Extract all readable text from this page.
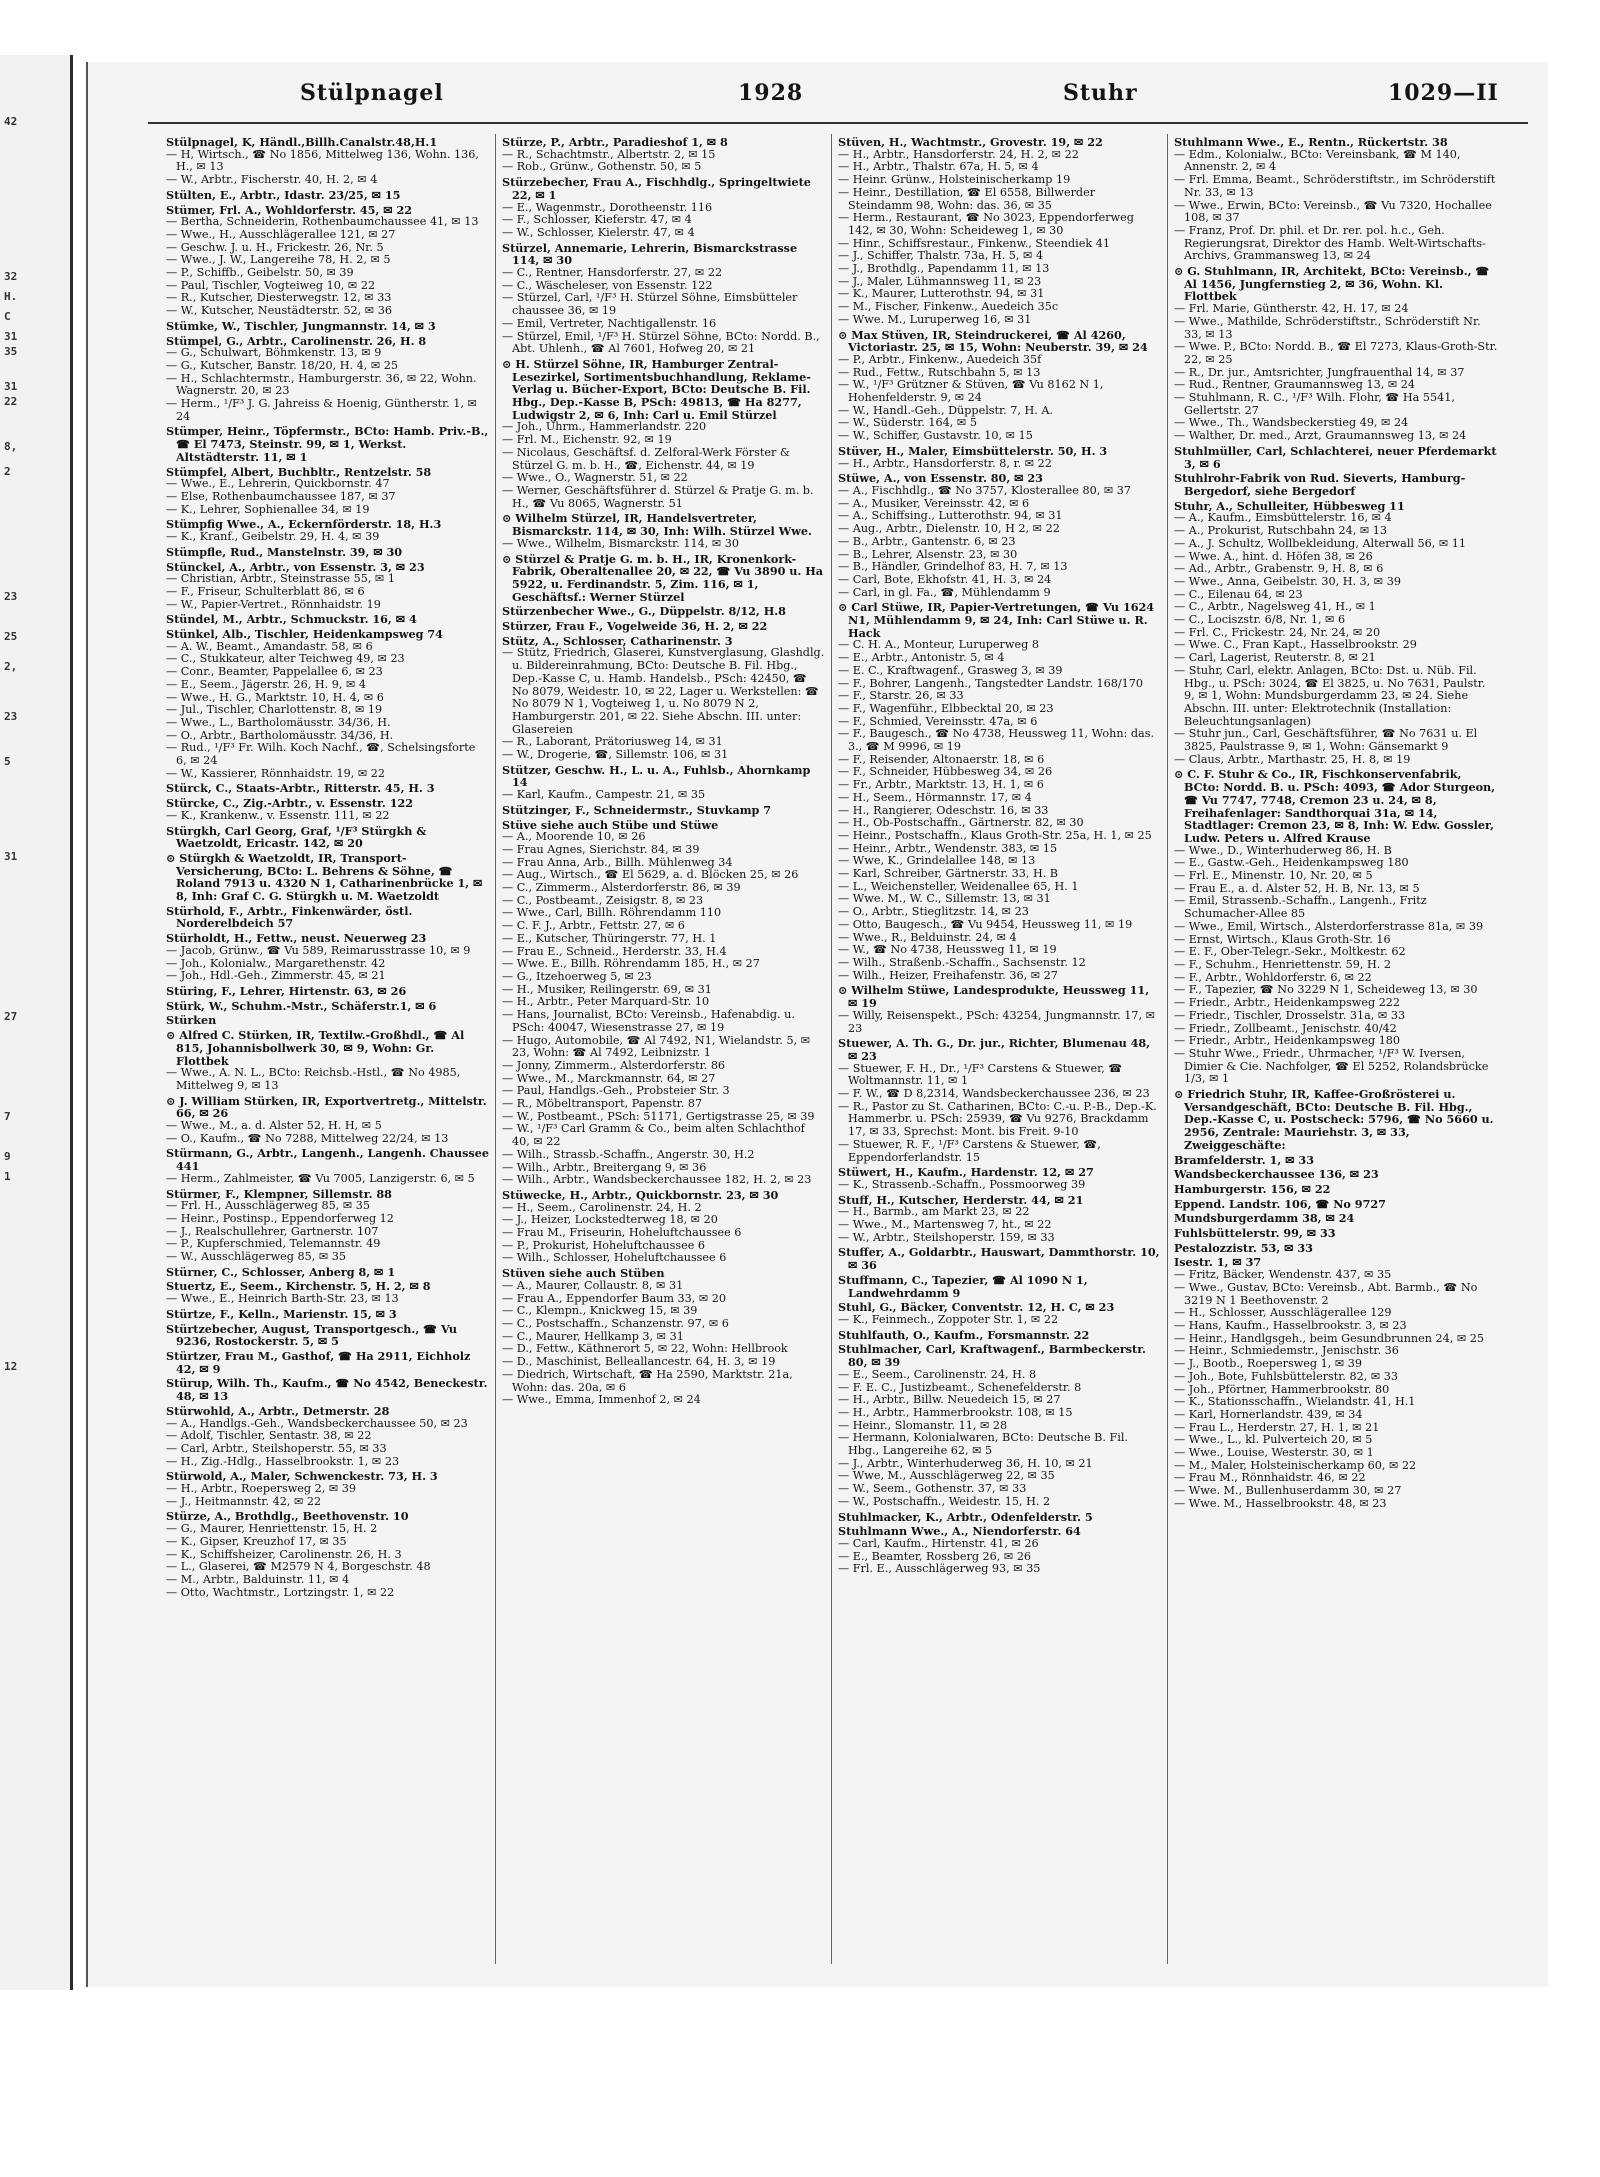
Stülpnagel	1928	Stuhr	1029—II
Stülpnagel, K, Händl.,Billh.Canalstr.48,H.1
— H, Wirtsch., ☎ No 1856, Mittelweg 136, Wohn. 136, H., ✉ 13
— W., Arbtr., Fischerstr. 40, H. 2, ✉ 4
Stülten, E., Arbtr., Idastr. 23/25, ✉ 15
Stümer, Frl. A., Wohldorferstr. 45, ✉ 22
— Bertha, Schneiderin, Rothenbaumchaussee 41, ✉ 13
— Wwe., H., Ausschlägerallee 121, ✉ 27
— Geschw. J. u. H., Frickestr. 26, Nr. 5
— Wwe., J. W., Langereihe 78, H. 2, ✉ 5
— P., Schiffb., Geibelstr. 50, ✉ 39
— Paul, Tischler, Vogteiweg 10, ✉ 22
— R., Kutscher, Diesterwegstr. 12, ✉ 33
— W., Kutscher, Neustädterstr. 52, ✉ 36
Stümke, W., Tischler, Jungmannstr. 14, ✉ 3
Stümpel, G., Arbtr., Carolinenstr. 26, H. 8
— G., Schulwart, Böhmkenstr. 13, ✉ 9
— G., Kutscher, Banstr. 18/20, H. 4, ✉ 25
— H., Schlachtermstr., Hamburgerstr. 36, ✉ 22, Wohn. Wagnerstr. 20, ✉ 23
— Herm., ¹/F³ J. G. Jahreiss & Hoenig, Güntherstr. 1, ✉ 24
Stümper, Heinr., Töpfermstr., BCto: Hamb. Priv.-B., ☎ El 7473, Steinstr. 99, ✉ 1, Werkst. Altstädterstr. 11, ✉ 1
Stümpfel, Albert, Buchbltr., Rentzelstr. 58
— Wwe., E., Lehrerin, Quickbornstr. 47
— Else, Rothenbaumchaussee 187, ✉ 37
— K., Lehrer, Sophienallee 34, ✉ 19
Stümpfig Wwe., A., Eckernförderstr. 18, H.3
— K., Kranf., Geibelstr. 29, H. 4, ✉ 39
Stümpfle, Rud., Manstelnstr. 39, ✉ 30
Stünckel, A., Arbtr., von Essenstr. 3, ✉ 23
— Christian, Arbtr., Steinstrasse 55, ✉ 1
— F., Friseur, Schulterblatt 86, ✉ 6
— W., Papier-Vertret., Rönnhaidstr. 19
Stündel, M., Arbtr., Schmuckstr. 16, ✉ 4
Stünkel, Alb., Tischler, Heidenkampsweg 74
— A. W., Beamt., Amandastr. 58, ✉ 6
— C., Stukkateur, alter Teichweg 49, ✉ 23
— Conr., Beamter, Pappelallee 6, ✉ 23
— E., Seem., Jägerstr. 26, H. 9, ✉ 4
— Wwe., H. G., Marktstr. 10, H. 4, ✉ 6
— Jul., Tischler, Charlottenstr. 8, ✉ 19
— Wwe., L., Bartholomäusstr. 34/36, H.
— O., Arbtr., Bartholomäusstr. 34/36, H.
— Rud., ¹/F³ Fr. Wilh. Koch Nachf., ☎, Schelsingsforte 6, ✉ 24
— W., Kassierer, Rönnhaidstr. 19, ✉ 22
Stürck, C., Staats-Arbtr., Ritterstr. 45, H. 3
Stürcke, C., Zig.-Arbtr., v. Essenstr. 122
— K., Krankenw., v. Essenstr. 111, ✉ 22
Stürgkh, Carl Georg, Graf, ¹/F³ Stürgkh & Waetzoldt, Ericastr. 142, ✉ 20
⊙ Stürgkh & Waetzoldt, IR, Transport-Versicherung, BCto: L. Behrens & Söhne, ☎ Roland 7913 u. 4320 N 1, Catharinenbrücke 1, ✉ 8, Inh: Graf C. G. Stürgkh u. M. Waetzoldt
Stürhold, F., Arbtr., Finkenwärder, östl. Norderelbdeich 57
Stürholdt, H., Fettw., neust. Neuerweg 23
— Jacob, Grünw., ☎ Vu 589, Reimarusstrasse 10, ✉ 9
— Joh., Kolonialw., Margarethenstr. 42
— Joh., Hdl.-Geh., Zimmerstr. 45, ✉ 21
Stüring, F., Lehrer, Hirtenstr. 63, ✉ 26
Stürk, W., Schuhm.-Mstr., Schäferstr.1, ✉ 6
Stürken
⊙ Alfred C. Stürken, IR, Textilw.-Großhdl., ☎ Al 815, Johannisbollwerk 30, ✉ 9, Wohn: Gr. Flottbek
— Wwe., A. N. L., BCto: Reichsb.-Hstl., ☎ No 4985, Mittelweg 9, ✉ 13
⊙ J. William Stürken, IR, Exportvertretg., Mittelstr. 66, ✉ 26
— Wwe., M., a. d. Alster 52, H. H, ✉ 5
— O., Kaufm., ☎ No 7288, Mittelweg 22/24, ✉ 13
Stürmann, G., Arbtr., Langenh., Langenh. Chaussee 441
— Herm., Zahlmeister, ☎ Vu 7005, Lanzigerstr. 6, ✉ 5
Stürmer, F., Klempner, Sillemstr. 88
— Frl. H., Ausschlägerweg 85, ✉ 35
— Heinr., Postinsp., Eppendorferweg 12
— J., Realschullehrer, Gartnerstr. 107
— P., Kupferschmied, Telemannstr. 49
— W., Ausschlägerweg 85, ✉ 35
Stürner, C., Schlosser, Anberg 8, ✉ 1
Stuertz, E., Seem., Kirchenstr. 5, H. 2, ✉ 8
— Wwe., E., Heinrich Barth-Str. 23, ✉ 13
Stürtze, F., Kelln., Marienstr. 15, ✉ 3
Stürtzebecher, August, Transportgesch., ☎ Vu 9236, Rostockerstr. 5, ✉ 5
Stürtzer, Frau M., Gasthof, ☎ Ha 2911, Eichholz 42, ✉ 9
Stürup, Wilh. Th., Kaufm., ☎ No 4542, Beneckestr. 48, ✉ 13
Stürwohld, A., Arbtr., Detmerstr. 28
— A., Handlgs.-Geh., Wandsbeckerchaussee 50, ✉ 23
— Adolf, Tischler, Sentastr. 38, ✉ 22
— Carl, Arbtr., Steilshoperstr. 55, ✉ 33
— H., Zig.-Hdlg., Hasselbrookstr. 1, ✉ 23
Stürwold, A., Maler, Schwenckestr. 73, H. 3
— H., Arbtr., Roepersweg 2, ✉ 39
— J., Heitmannstr. 42, ✉ 22
Stürze, A., Brothdlg., Beethovenstr. 10
— G., Maurer, Henriettenstr. 15, H. 2
— K., Gipser, Kreuzhof 17, ✉ 35
— K., Schiffsheizer, Carolinenstr. 26, H. 3
— L., Glaserei, ☎ M2579 N 4, Borgeschstr. 48
— M., Arbtr., Balduinstr. 11, ✉ 4
— Otto, Wachtmstr., Lortzingstr. 1, ✉ 22
Stürze, P., Arbtr., Paradieshof 1, ✉ 8
— R., Schachtmstr., Albertstr. 2, ✉ 15
— Rob., Grünw., Gothenstr. 50, ✉ 5
Stürzebecher, Frau A., Fischhdlg., Springeltwiete 22, ✉ 1
— E., Wagenmstr., Dorotheenstr. 116
— F., Schlosser, Kieferstr. 47, ✉ 4
— W., Schlosser, Kielerstr. 47, ✉ 4
Stürzel, Annemarie, Lehrerin, Bismarckstrasse 114, ✉ 30
— C., Rentner, Hansdorferstr. 27, ✉ 22
— C., Wäscheleser, von Essenstr. 122
— Stürzel, Carl, ¹/F³ H. Stürzel Söhne, Eimsbütteler chaussee 36, ✉ 19
— Emil, Vertreter, Nachtigallenstr. 16
— Stürzel, Emil, ¹/F³ H. Stürzel Söhne, BCto: Nordd. B., Abt. Uhlenh., ☎ Al 7601, Hofweg 20, ✉ 21
⊙ H. Stürzel Söhne, IR, Hamburger Zentral-Lesezirkel, Sortimentsbuchhandlung, Reklame-Verlag u. Bücher-Export, BCto: Deutsche B. Fil. Hbg., Dep.-Kasse B, PSch: 49813, ☎ Ha 8277, Ludwigstr 2, ✉ 6, Inh: Carl u. Emil Stürzel
— Joh., Uhrm., Hammerlandstr. 220
— Frl. M., Eichenstr. 92, ✉ 19
— Nicolaus, Geschäftsf. d. Zelforal-Werk Förster & Stürzel G. m. b. H., ☎, Eichenstr. 44, ✉ 19
— Wwe., O., Wagnerstr. 51, ✉ 22
— Werner, Geschäftsführer d. Stürzel & Pratje G. m. b. H., ☎ Vu 8065, Wagnerstr. 51
⊙ Wilhelm Stürzel, IR, Handelsvertreter, Bismarckstr. 114, ✉ 30, Inh: Wilh. Stürzel Wwe.
— Wwe., Wilhelm, Bismarckstr. 114, ✉ 30
⊙ Stürzel & Pratje G. m. b. H., IR, Kronenkork-Fabrik, Oberaltenallee 20, ✉ 22, ☎ Vu 3890 u. Ha 5922, u. Ferdinandstr. 5, Zim. 116, ✉ 1, Geschäftsf.: Werner Stürzel
Stürzenbecher Wwe., G., Düppelstr. 8/12, H.8
Stürzer, Frau F., Vogelweide 36, H. 2, ✉ 22
Stütz, A., Schlosser, Catharinenstr. 3
— Stütz, Friedrich, Glaserei, Kunstverglasung, Glashdlg. u. Bildereinrahmung, BCto: Deutsche B. Fil. Hbg., Dep.-Kasse C, u. Hamb. Handelsb., PSch: 42450, ☎ No 8079, Weidestr. 10, ✉ 22, Lager u. Werkstellen: ☎ No 8079 N 1, Vogteiweg 1, u. No 8079 N 2, Hamburgerstr. 201, ✉ 22. Siehe Abschn. III. unter: Glasereien
— R., Laborant, Prätoriusweg 14, ✉ 31
— W., Drogerie, ☎, Sillemstr. 106, ✉ 31
Stützer, Geschw. H., L. u. A., Fuhlsb., Ahornkamp 14
— Karl, Kaufm., Campestr. 21, ✉ 35
Stützinger, F., Schneidermstr., Stuvkamp 7
Stüve siehe auch Stübe und Stüwe
— A., Moorende 10, ✉ 26
— Frau Agnes, Sierichstr. 84, ✉ 39
— Frau Anna, Arb., Billh. Mühlenweg 34
— Aug., Wirtsch., ☎ El 5629, a. d. Blöcken 25, ✉ 26
— C., Zimmerm., Alsterdorferstr. 86, ✉ 39
— C., Postbeamt., Zeisigstr. 8, ✉ 23
— Wwe., Carl, Billh. Röhrendamm 110
— C. F. J., Arbtr., Fettstr. 27, ✉ 6
— E., Kutscher, Thüringerstr. 77, H. 1
— Frau E., Schneid., Herderstr. 33, H.4
— Wwe. E., Billh. Röhrendamm 185, H., ✉ 27
— G., Itzehoerweg 5, ✉ 23
— H., Musiker, Reilingerstr. 69, ✉ 31
— H., Arbtr., Peter Marquard-Str. 10
— Hans, Journalist, BCto: Vereinsb., Hafenabdig. u. PSch: 40047, Wiesenstrasse 27, ✉ 19
— Hugo, Automobile, ☎ Al 7492, N1, Wielandstr. 5, ✉ 23, Wohn: ☎ Al 7492, Leibnizstr. 1
— Jonny, Zimmerm., Alsterdorferstr. 86
— Wwe., M., Marckmannstr. 64, ✉ 27
— Paul, Handlgs.-Geh., Probsteier Str. 3
— R., Möbeltransport, Papenstr. 87
— W., Postbeamt., PSch: 51171, Gertigstrasse 25, ✉ 39
— W., ¹/F³ Carl Gramm & Co., beim alten Schlachthof 40, ✉ 22
— Wilh., Strassb.-Schaffn., Angerstr. 30, H.2
— Wilh., Arbtr., Breitergang 9, ✉ 36
— Wilh., Arbtr., Wandsbeckerchaussee 182, H. 2, ✉ 23
Stüwecke, H., Arbtr., Quickbornstr. 23, ✉ 30
— H., Seem., Carolinenstr. 24, H. 2
— J., Heizer, Lockstedterweg 18, ✉ 20
— Frau M., Friseurin, Hoheluftchaussee 6
— P., Prokurist, Hoheluftchaussee 6
— Wilh., Schlosser, Hoheluftchaussee 6
Stüven siehe auch Stüben
— A., Maurer, Collaustr. 8, ✉ 31
— Frau A., Eppendorfer Baum 33, ✉ 20
— C., Klempn., Knickweg 15, ✉ 39
— C., Postschaffn., Schanzenstr. 97, ✉ 6
— C., Maurer, Hellkamp 3, ✉ 31
— D., Fettw., Käthnerort 5, ✉ 22, Wohn: Hellbrook
— D., Maschinist, Belleallancestr. 64, H. 3, ✉ 19
— Diedrich, Wirtschaft, ☎ Ha 2590, Marktstr. 21a, Wohn: das. 20a, ✉ 6
— Wwe., Emma, Immenhof 2, ✉ 24
Stüven, H., Wachtmstr., Grovestr. 19, ✉ 22
— H., Arbtr., Hansdorferstr. 24, H. 2, ✉ 22
— H., Arbtr., Thalstr. 67a, H. 5, ✉ 4
— Heinr. Grünw., Holsteinischerkamp 19
— Heinr., Destillation, ☎ El 6558, Billwerder Steindamm 98, Wohn: das. 36, ✉ 35
— Herm., Restaurant, ☎ No 3023, Eppendorferweg 142, ✉ 30, Wohn: Scheideweg 1, ✉ 30
— Hinr., Schiffsrestaur., Finkenw., Steendiek 41
— J., Schiffer, Thalstr. 73a, H. 5, ✉ 4
— J., Brothdlg., Papendamm 11, ✉ 13
— J., Maler, Lühmannsweg 11, ✉ 23
— K., Maurer, Lutterothstr. 94, ✉ 31
— M., Fischer, Finkenw., Auedeich 35c
— Wwe. M., Luruperweg 16, ✉ 31
⊙ Max Stüven, IR, Steindruckerei, ☎ Al 4260, Victoriastr. 25, ✉ 15, Wohn: Neuberstr. 39, ✉ 24
— P., Arbtr., Finkenw., Auedeich 35f
— Rud., Fettw., Rutschbahn 5, ✉ 13
— W., ¹/F³ Grützner & Stüven, ☎ Vu 8162 N 1, Hohenfelderstr. 9, ✉ 24
— W., Handl.-Geh., Düppelstr. 7, H. A.
— W., Süderstr. 164, ✉ 5
— W., Schiffer, Gustavstr. 10, ✉ 15
Stüver, H., Maler, Eimsbüttelerstr. 50, H. 3
— H., Arbtr., Hansdorferstr. 8, r. ✉ 22
Stüwe, A., von Essenstr. 80, ✉ 23
— A., Fischhdlg., ☎ No 3757, Klosterallee 80, ✉ 37
— A., Musiker, Vereinsstr. 42, ✉ 6
— A., Schiffsing., Lutterothstr. 94, ✉ 31
— Aug., Arbtr., Dielenstr. 10, H 2, ✉ 22
— B., Arbtr., Gantenstr. 6, ✉ 23
— B., Lehrer, Alsenstr. 23, ✉ 30
— B., Händler, Grindelhof 83, H. 7, ✉ 13
— Carl, Bote, Ekhofstr. 41, H. 3, ✉ 24
— Carl, in gl. Fa., ☎, Mühlendamm 9
⊙ Carl Stüwe, IR, Papier-Vertretungen, ☎ Vu 1624 N1, Mühlendamm 9, ✉ 24, Inh: Carl Stüwe u. R. Hack
— C. H. A., Monteur, Luruperweg 8
— E., Arbtr., Antonistr. 5, ✉ 4
— E. C., Kraftwagenf., Grasweg 3, ✉ 39
— F., Bohrer, Langenh., Tangstedter Landstr. 168/170
— F., Starstr. 26, ✉ 33
— F., Wagenführ., Elbbecktal 20, ✉ 23
— F., Schmied, Vereinsstr. 47a, ✉ 6
— F., Baugesch., ☎ No 4738, Heussweg 11, Wohn: das. 3., ☎ M 9996, ✉ 19
— F., Reisender, Altonaerstr. 18, ✉ 6
— F., Schneider, Hübbesweg 34, ✉ 26
— Fr., Arbtr., Marktstr. 13, H. 1, ✉ 6
— H., Seem., Hörmannstr. 17, ✉ 4
— H., Rangierer, Odeschstr. 16, ✉ 33
— H., Ob-Postschaffn., Gärtnerstr. 82, ✉ 30
— Heinr., Postschaffn., Klaus Groth-Str. 25a, H. 1, ✉ 25
— Heinr., Arbtr., Wendenstr. 383, ✉ 15
— Wwe, K., Grindelallee 148, ✉ 13
— Karl, Schreiber, Gärtnerstr. 33, H. B
— L., Weichensteller, Weidenallee 65, H. 1
— Wwe. M., W. C., Sillemstr. 13, ✉ 31
— O., Arbtr., Stieglitzstr. 14, ✉ 23
— Otto, Baugesch., ☎ Vu 9454, Heussweg 11, ✉ 19
— Wwe., R., Belduinstr. 24, ✉ 4
— W., ☎ No 4738, Heussweg 11, ✉ 19
— Wilh., Straßenb.-Schaffn., Sachsenstr. 12
— Wilh., Heizer, Freihafenstr. 36, ✉ 27
⊙ Wilhelm Stüwe, Landesprodukte, Heussweg 11, ✉ 19
— Willy, Reisenspekt., PSch: 43254, Jungmannstr. 17, ✉ 23
Stuewer, A. Th. G., Dr. jur., Richter, Blumenau 48, ✉ 23
— Stuewer, F. H., Dr., ¹/F³ Carstens & Stuewer, ☎ Woltmannstr. 11, ✉ 1
— F. W., ☎ D 8,2314, Wandsbeckerchaussee 236, ✉ 23
— R., Pastor zu St. Catharinen, BCto: C.-u. P.-B., Dep.-K. Hammerbr. u. PSch: 25939, ☎ Vu 9276, Brackdamm 17, ✉ 33, Sprechst: Mont. bis Freit. 9-10
— Stuewer, R. F., ¹/F³ Carstens & Stuewer, ☎, Eppendorferlandstr. 15
Stüwert, H., Kaufm., Hardenstr. 12, ✉ 27
— K., Strassenb.-Schaffn., Possmoorweg 39
Stuff, H., Kutscher, Herderstr. 44, ✉ 21
— H., Barmb., am Markt 23, ✉ 22
— Wwe., M., Martensweg 7, ht., ✉ 22
— W., Arbtr., Steilshoperstr. 159, ✉ 33
Stuffer, A., Goldarbtr., Hauswart, Dammthorstr. 10, ✉ 36
Stuffmann, C., Tapezier, ☎ Al 1090 N 1, Landwehrdamm 9
Stuhl, G., Bäcker, Conventstr. 12, H. C, ✉ 23
— K., Feinmech., Zoppoter Str. 1, ✉ 22
Stuhlfauth, O., Kaufm., Forsmannstr. 22
Stuhlmacher, Carl, Kraftwagenf., Barmbeckerstr. 80, ✉ 39
— E., Seem., Carolinenstr. 24, H. 8
— F. E. C., Justizbeamt., Schenefelderstr. 8
— H., Arbtr., Billw. Neuedeich 15, ✉ 27
— H., Arbtr., Hammerbrookstr. 108, ✉ 15
— Heinr., Slomanstr. 11, ✉ 28
— Hermann, Kolonialwaren, BCto: Deutsche B. Fil. Hbg., Langereihe 62, ✉ 5
— J., Arbtr., Winterhuderweg 36, H. 10, ✉ 21
— Wwe, M., Ausschlägerweg 22, ✉ 35
— W., Seem., Gothenstr. 37, ✉ 33
— W., Postschaffn., Weidestr. 15, H. 2
Stuhlmacker, K., Arbtr., Odenfelderstr. 5
Stuhlmann Wwe., A., Niendorferstr. 64
— Carl, Kaufm., Hirtenstr. 41, ✉ 26
— E., Beamter, Rossberg 26, ✉ 26
— Frl. E., Ausschlägerweg 93, ✉ 35
Stuhlmann Wwe., E., Rentn., Rückertstr. 38
— Edm., Kolonialw., BCto: Vereinsbank, ☎ M 140, Annenstr. 2, ✉ 4
— Frl. Emma, Beamt., Schröderstiftstr., im Schröderstift Nr. 33, ✉ 13
— Wwe., Erwin, BCto: Vereinsb., ☎ Vu 7320, Hochallee 108, ✉ 37
— Franz, Prof. Dr. phil. et Dr. rer. pol. h.c., Geh. Regierungsrat, Direktor des Hamb. Welt-Wirtschafts-Archivs, Grammansweg 13, ✉ 24
⊙ G. Stuhlmann, IR, Architekt, BCto: Vereinsb., ☎ Al 1456, Jungfernstieg 2, ✉ 36, Wohn. Kl. Flottbek
— Frl. Marie, Güntherstr. 42, H. 17, ✉ 24
— Wwe., Mathilde, Schröderstiftstr., Schröderstift Nr. 33, ✉ 13
— Wwe. P., BCto: Nordd. B., ☎ El 7273, Klaus-Groth-Str. 22, ✉ 25
— R., Dr. jur., Amtsrichter, Jungfrauenthal 14, ✉ 37
— Rud., Rentner, Graumannsweg 13, ✉ 24
— Stuhlmann, R. C., ¹/F³ Wilh. Flohr, ☎ Ha 5541, Gellertstr. 27
— Wwe., Th., Wandsbeckerstieg 49, ✉ 24
— Walther, Dr. med., Arzt, Graumannsweg 13, ✉ 24
Stuhlmüller, Carl, Schlachterei, neuer Pferdemarkt 3, ✉ 6
Stuhlrohr-Fabrik von Rud. Sieverts, Hamburg-Bergedorf, siehe Bergedorf
Stuhr, A., Schulleiter, Hübbesweg 11
— A., Kaufm., Eimsbüttelerstr. 16, ✉ 4
— A., Prokurist, Rutschbahn 24, ✉ 13
— A., J. Schultz, Wollbekleidung, Alterwall 56, ✉ 11
— Wwe. A., hint. d. Höfen 38, ✉ 26
— Ad., Arbtr., Grabenstr. 9, H. 8, ✉ 6
— Wwe., Anna, Geibelstr. 30, H. 3, ✉ 39
— C., Eilenau 64, ✉ 23
— C., Arbtr., Nagelsweg 41, H., ✉ 1
— C., Lociszstr. 6/8, Nr. 1, ✉ 6
— Frl. C., Frickestr. 24, Nr. 24, ✉ 20
— Wwe. C., Fran Kapt., Hasselbrookstr. 29
— Carl, Lagerist, Reuterstr. 8, ✉ 21
— Stuhr, Carl, elektr. Anlagen, BCto: Dst. u. Nüb. Fil. Hbg., u. PSch: 3024, ☎ El 3825, u. No 7631, Paulstr. 9, ✉ 1, Wohn: Mundsburgerdamm 23, ✉ 24. Siehe Abschn. III. unter: Elektrotechnik (Installation: Beleuchtungsanlagen)
— Stuhr jun., Carl, Geschäftsführer, ☎ No 7631 u. El 3825, Paulstrasse 9, ✉ 1, Wohn: Gänsemarkt 9
— Claus, Arbtr., Marthastr. 25, H. 8, ✉ 19
⊙ C. F. Stuhr & Co., IR, Fischkonservenfabrik, BCto: Nordd. B. u. PSch: 4093, ☎ Ador Sturgeon, ☎ Vu 7747, 7748, Cremon 23 u. 24, ✉ 8, Freihafenlager: Sandthorquai 31a, ✉ 14, Stadtlager: Cremon 23, ✉ 8, Inh: W. Edw. Gossler, Ludw. Peters u. Alfred Krause
— Wwe., D., Winterhuderweg 86, H. B
— E., Gastw.-Geh., Heidenkampsweg 180
— Frl. E., Minenstr. 10, Nr. 20, ✉ 5
— Frau E., a. d. Alster 52, H. B, Nr. 13, ✉ 5
— Emil, Strassenb.-Schaffn., Langenh., Fritz Schumacher-Allee 85
— Wwe., Emil, Wirtsch., Alsterdorferstrasse 81a, ✉ 39
— Ernst, Wirtsch., Klaus Groth-Str. 16
— E. F., Ober-Telegr.-Sekr., Moltkestr. 62
— F., Schuhm., Henriettenstr. 59, H. 2
— F., Arbtr., Wohldorferstr. 6, ✉ 22
— F., Tapezier, ☎ No 3229 N 1, Scheideweg 13, ✉ 30
— Friedr., Arbtr., Heidenkampsweg 222
— Friedr., Tischler, Drosselstr. 31a, ✉ 33
— Friedr., Zollbeamt., Jenischstr. 40/42
— Friedr., Arbtr., Heidenkampsweg 180
— Stuhr Wwe., Friedr., Uhrmacher, ¹/F³ W. Iversen, Dimier & Cie. Nachfolger, ☎ El 5252, Rolandsbrücke 1/3, ✉ 1
⊙ Friedrich Stuhr, IR, Kaffee-Großrösterei u. Versandgeschäft, BCto: Deutsche B. Fil. Hbg., Dep.-Kasse C, u. Postscheck: 5796, ☎ No 5660 u. 2956, Zentrale: Mauriehstr. 3, ✉ 33, Zweiggeschäfte:
Bramfelderstr. 1, ✉ 33
Wandsbeckerchaussee 136, ✉ 23
Hamburgerstr. 156, ✉ 22
Eppend. Landstr. 106, ☎ No 9727
Mundsburgerdamm 38, ✉ 24
Fuhlsbüttelerstr. 99, ✉ 33
Pestalozzistr. 53, ✉ 33
Isestr. 1, ✉ 37
— Fritz, Bäcker, Wendenstr. 437, ✉ 35
— Wwe., Gustav, BCto: Vereinsb., Abt. Barmb., ☎ No 3219 N 1 Beethovenstr. 2
— H., Schlosser, Ausschlägerallee 129
— Hans, Kaufm., Hasselbrookstr. 3, ✉ 23
— Heinr., Handlgsgeh., beim Gesundbrunnen 24, ✉ 25
— Heinr., Schmiedemstr., Jenischstr. 36
— J., Bootb., Roepersweg 1, ✉ 39
— Joh., Bote, Fuhlsbüttelerstr. 82, ✉ 33
— Joh., Pförtner, Hammerbrookstr. 80
— K., Stationsschaffn., Wielandstr. 41, H.1
— Karl, Hornerlandstr. 439, ✉ 34
— Frau L., Herderstr. 27, H. 1, ✉ 21
— Wwe., L., kl. Pulverteich 20, ✉ 5
— Wwe., Louise, Westerstr. 30, ✉ 1
— M., Maler, Holsteinischerkamp 60, ✉ 22
— Frau M., Rönnhaidstr. 46, ✉ 22
— Wwe. M., Bullenhuserdamm 30, ✉ 27
— Wwe. M., Hasselbrookstr. 48, ✉ 23
42
32
H.
C
31
35
31
22
8,
2
23
25
2,
23
5
31
27
7
9
1
12
